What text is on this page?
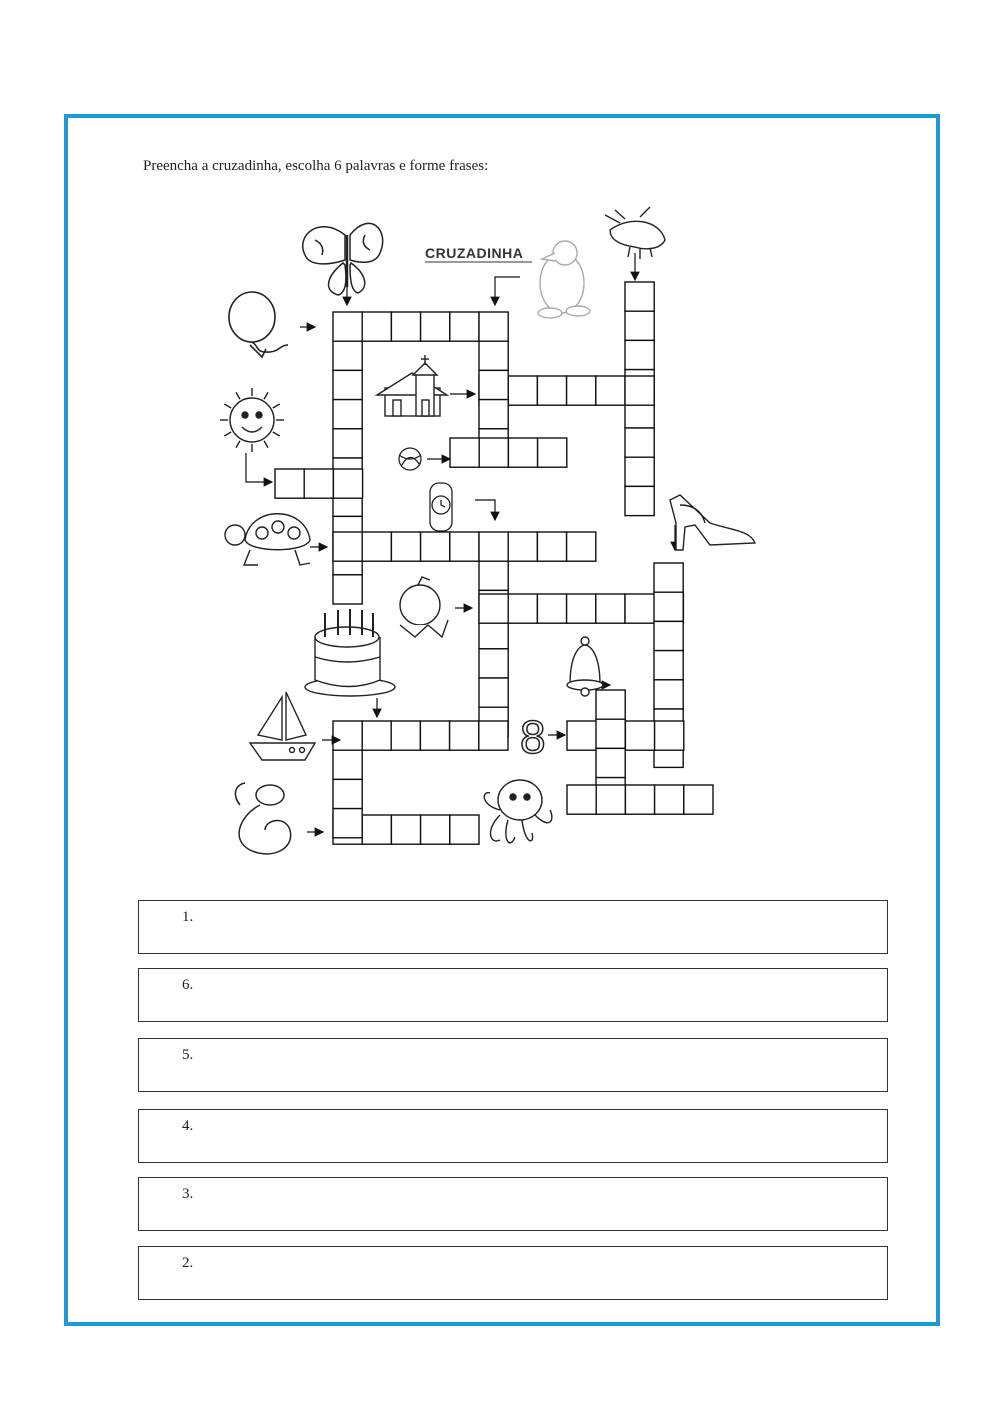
Preencha a cruzadinha, escolha 6 palavras e forme frases:
CRUZADINHA
8
1.
6.
5.
4.
3.
2.
